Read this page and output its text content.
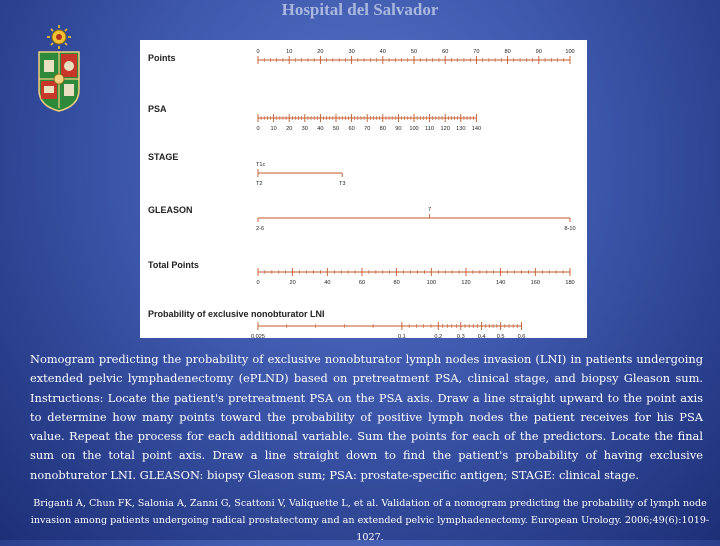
Hospital del Salvador
Points
0	10	20	30	40	50	60	70	80	90	100
PSA
0 10 20 30 40 50 60 70 80 90 100 110 120 130 140
STAGE
T1c
T2	T3
GLEASON
2-6
7
8-10
Total Points
0	20	40	60	80	100	120	140	160	180
Probability of exclusive nonobturator LNI
0.025	0.1	0.2	0.3 0.4 0.5 0.6
Nomogram predicting the probability of exclusive nonobturator lymph nodes invasion (LNI) in patients undergoing extended pelvic lymphadenectomy (ePLND) based on pretreatment PSA, clinical stage, and biopsy Gleason sum. Instructions: Locate the patient's pretreatment PSA on the PSA axis. Draw a line straight upward to the point axis to determine how many points toward the probability of positive lymph nodes the patient receives for his PSA value. Repeat the process for each additional variable. Sum the points for each of the predictors. Locate the final sum on the total point axis. Draw a line straight down to find the patient's probability of having exclusive nonobturator LNI. GLEASON: biopsy Gleason sum; PSA: prostate-specific antigen; STAGE: clinical stage.
Briganti A, Chun FK, Salonia A, Zanni G, Scattoni V, Valiquette L, et al. Validation of a nomogram predicting the probability of lymph node invasion among patients undergoing radical prostatectomy and an extended pelvic lymphadenectomy. European Urology. 2006;49(6):1019-1027.
